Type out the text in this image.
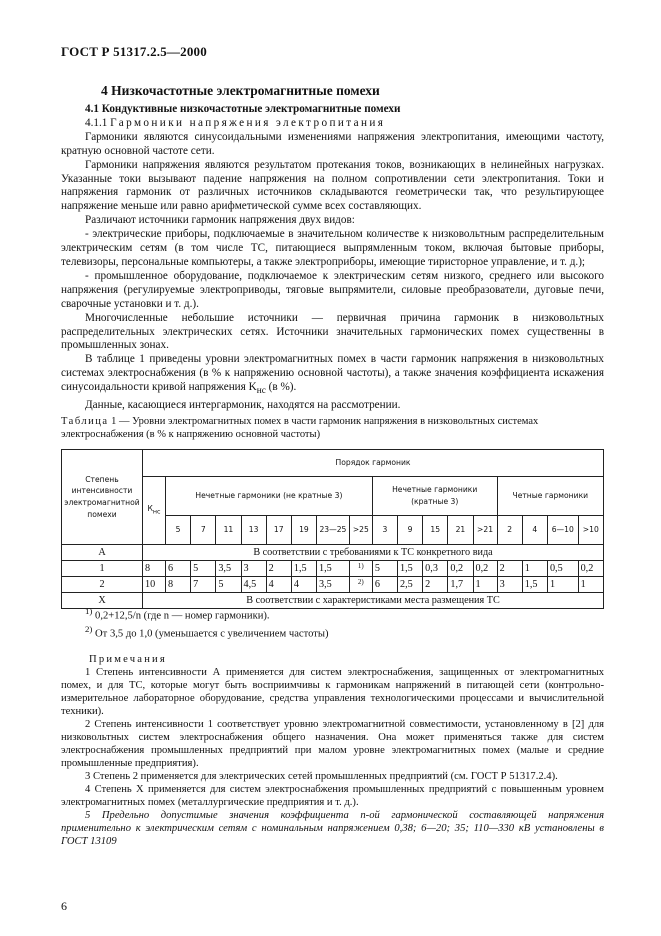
ГОСТ Р 51317.2.5—2000
4 Низкочастотные электромагнитные помехи

4.1 Кондуктивные низкочастотные электромагнитные помехи

4.1.1 Гармоники напряжения электропитания

Гармоники являются синусоидальными изменениями напряжения электропитания, имеющими частоту, кратную основной частоте сети.

Гармоники напряжения являются результатом протекания токов, возникающих в нелинейных нагрузках. Указанные токи вызывают падение напряжения на полном сопротивлении сети электропитания. Токи и напряжения гармоник от различных источников складываются геометрически так, что результирующее напряжение меньше или равно арифметической сумме всех составляющих.

Различают источники гармоник напряжения двух видов:

- электрические приборы, подключаемые в значительном количестве к низковольтным распределительным электрическим сетям (в том числе ТС, питающиеся выпрямленным током, включая бытовые приборы, телевизоры, персональные компьютеры, а также электроприборы, имеющие тиристорное управление, и т. д.);

- промышленное оборудование, подключаемое к электрическим сетям низкого, среднего или высокого напряжения (регулируемые электроприводы, тяговые выпрямители, силовые преобразователи, дуговые печи, сварочные установки и т. д.).

Многочисленные небольшие источники — первичная причина гармоник в низковольтных распределительных электрических сетях. Источники значительных гармонических помех существенны в промышленных зонах.

В таблице 1 приведены уровни электромагнитных помех в части гармоник напряжения в низковольтных системах электроснабжения (в % к напряжению основной частоты), а также значения коэффициента искажения синусоидальности кривой напряжения $K_{нс}$ (в %).

Данные, касающиеся интергармоник, находятся на рассмотрении.

Таблица 1 — Уровни электромагнитных помех в части гармоник напряжения в низковольтных системах электроснабжения (в % к напряжению основной частоты)
Степень интенсивности электромагнитной помехи	Порядок гармоник																	
	$К_{нс}$	Нечетные гармоники (не кратные 3)								Нечетные гармоники (кратные 3)					Четные гармоники			
		5	7	11	13	17	19	23—25	>25	3	9	15	21	>21	2	4	6—10	>10
А	В соответствии с требованиями к ТС конкретного вида																	
1	8	6	5	3,5	3	2	1,5	1,5	1)	5	1,5	0,3	0,2	0,2	2	1	0,5	0,2
2	10	8	7	5	4,5	4	4	3,5	2)	6	2,5	2	1,7	1	3	1,5	1	1
X	В соответствии с характеристиками места размещения ТС																	

$^{1)}$ 0,2+12,5/n (где n — номер гармоники).

$^{2)}$ От 3,5 до 1,0 (уменьшается с увеличением частоты)

Примечания

1 Степень интенсивности А применяется для систем электроснабжения, защищенных от электромагнитных помех, и для ТС, которые могут быть восприимчивы к гармоникам напряжений в питающей сети (контрольно-измерительное лабораторное оборудование, средства управления технологическими процессами и вычислительной техники).

2 Степень интенсивности 1 соответствует уровню электромагнитной совместимости, установленному в [2] для низковольтных систем электроснабжения общего назначения. Она может применяться также для систем электроснабжения промышленных предприятий при малом уровне электромагнитных помех (малые и средние промышленные предприятия).

3 Степень 2 применяется для электрических сетей промышленных предприятий (см. ГОСТ Р 51317.2.4).

4 Степень X применяется для систем электроснабжения промышленных предприятий с повышенным уровнем электромагнитных помех (металлургические предприятия и т. д.).

5 Предельно допустимые значения коэффициента n-ой гармонической составляющей напряжения применительно к электрическим сетям с номинальным напряжением 0,38; 6—20; 35; 110—330 кВ установлены в ГОСТ 13109

6
